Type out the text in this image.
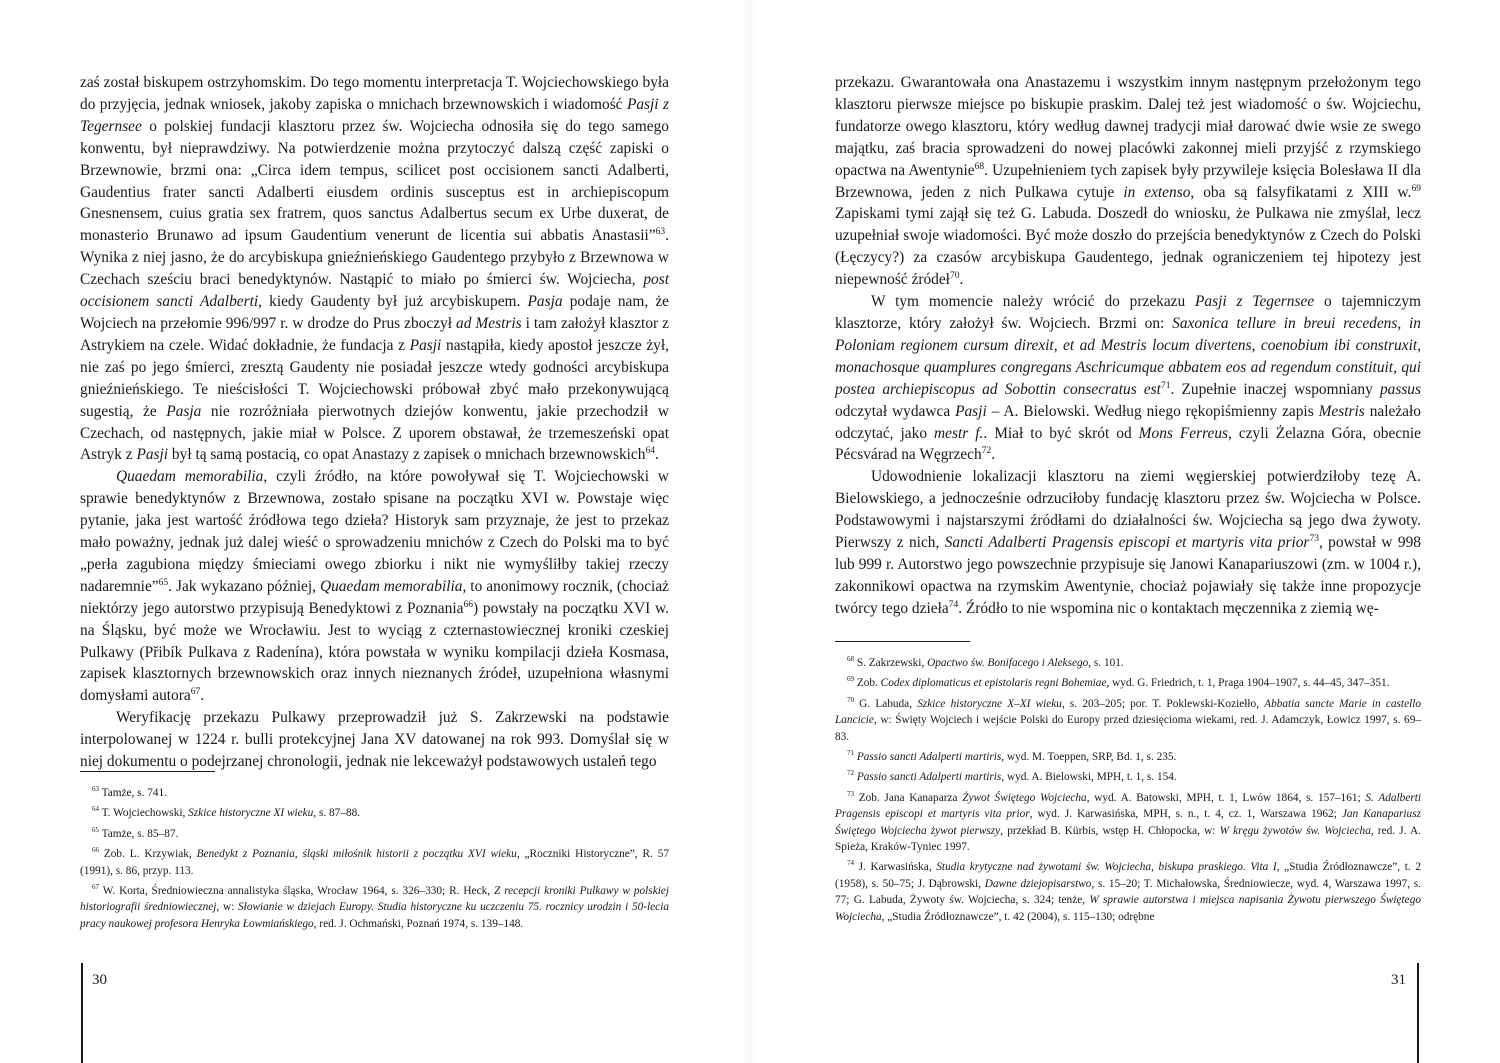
zaś został biskupem ostrzyhomskim. Do tego momentu interpretacja T. Wojciechowskiego była do przyjęcia, jednak wniosek, jakoby zapiska o mnichach brzewnowskich i wiadomość Pasji z Tegernsee o polskiej fundacji klasztoru przez św. Wojciecha odnosiła się do tego samego konwentu, był nieprawdziwy. Na potwierdzenie można przytoczyć dalszą część zapiski o Brzewnowie, brzmi ona: „Circa idem tempus, scilicet post occisionem sancti Adalberti, Gaudentius frater sancti Adalberti eiusdem ordinis susceptus est in archiepiscopum Gnesnensem, cuius gratia sex fratrem, quos sanctus Adalbertus secum ex Urbe duxerat, de monasterio Brunawo ad ipsum Gaudentium venerunt de licentia sui abbatis Anastasii”$^{63}$. Wynika z niej jasno, że do arcybiskupa gnieźnieńskiego Gaudentego przybyło z Brzewnowa w Czechach sześciu braci benedyktynów. Nastąpić to miało po śmierci św. Wojciecha, post occisionem sancti Adalberti, kiedy Gaudenty był już arcybiskupem. Pasja podaje nam, że Wojciech na przełomie 996/997 r. w drodze do Prus zboczył ad Mestris i tam założył klasztor z Astrykiem na czele. Widać dokładnie, że fundacja z Pasji nastąpiła, kiedy apostoł jeszcze żył, nie zaś po jego śmierci, zresztą Gaudenty nie posiadał jeszcze wtedy godności arcybiskupa gnieźnieńskiego. Te nieścisłości T. Wojciechowski próbował zbyć mało przekonywującą sugestią, że Pasja nie rozróżniała pierwotnych dziejów konwentu, jakie przechodził w Czechach, od następnych, jakie miał w Polsce. Z uporem obstawał, że trzemeszeński opat Astryk z Pasji był tą samą postacią, co opat Anastazy z zapisek o mnichach brzewnowskich$^{64}$.

Quaedam memorabilia, czyli źródło, na które powoływał się T. Wojciechowski w sprawie benedyktynów z Brzewnowa, zostało spisane na początku XVI w. Powstaje więc pytanie, jaka jest wartość źródłowa tego dzieła? Historyk sam przyznaje, że jest to przekaz mało poważny, jednak już dalej wieść o sprowadzeniu mnichów z Czech do Polski ma to być „perła zagubiona między śmieciami owego zbiorku i nikt nie wymyśliłby takiej rzeczy nadaremnie”$^{65}$. Jak wykazano później, Quaedam memorabilia, to anonimowy rocznik, (chociaż niektórzy jego autorstwo przypisują Benedyktowi z Poznania$^{66}$) powstały na początku XVI w. na Śląsku, być może we Wrocławiu. Jest to wyciąg z czternastowiecznej kroniki czeskiej Pulkawy (Přibík Pulkava z Radenína), która powstała w wyniku kompilacji dzieła Kosmasa, zapisek klasztornych brzewnowskich oraz innych nieznanych źródeł, uzupełniona własnymi domysłami autora$^{67}$.

Weryfikację przekazu Pulkawy przeprowadził już S. Zakrzewski na podstawie interpolowanej w 1224 r. bulli protekcyjnej Jana XV datowanej na rok 993. Domyślał się w niej dokumentu o podejrzanej chronologii, jednak nie lekceważył podstawowych ustaleń tego

$^{63}$ Tamże, s. 741.

$^{64}$ T. Wojciechowski, Szkice historyczne XI wieku, s. 87–88.

$^{65}$ Tamże, s. 85–87.

$^{66}$ Zob. L. Krzywiak, Benedykt z Poznania, śląski miłośnik historii z początku XVI wieku, „Roczniki Historyczne”, R. 57 (1991), s. 86, przyp. 113.

$^{67}$ W. Korta, Średniowieczna annalistyka śląska, Wrocław 1964, s. 326–330; R. Heck, Z recepcji kroniki Pulkawy w polskiej historiografii średniowiecznej, w: Słowianie w dziejach Europy. Studia historyczne ku uczczeniu 75. rocznicy urodzin i 50-lecia pracy naukowej profesora Henryka Łowmiańskiego, red. J. Ochmański, Poznań 1974, s. 139–148.

30

przekazu. Gwarantowała ona Anastazemu i wszystkim innym następnym przełożonym tego klasztoru pierwsze miejsce po biskupie praskim. Dalej też jest wiadomość o św. Wojciechu, fundatorze owego klasztoru, który według dawnej tradycji miał darować dwie wsie ze swego majątku, zaś bracia sprowadzeni do nowej placówki zakonnej mieli przyjść z rzymskiego opactwa na Awentynie$^{68}$. Uzupełnieniem tych zapisek były przywileje księcia Bolesława II dla Brzewnowa, jeden z nich Pulkawa cytuje in extenso, oba są falsyfikatami z XIII w.$^{69}$ Zapiskami tymi zajął się też G. Labuda. Doszedł do wniosku, że Pulkawa nie zmyślał, lecz uzupełniał swoje wiadomości. Być może doszło do przejścia benedyktynów z Czech do Polski (Łęczycy?) za czasów arcybiskupa Gaudentego, jednak ograniczeniem tej hipotezy jest niepewność źródeł$^{70}$.

W tym momencie należy wrócić do przekazu Pasji z Tegernsee o tajemniczym klasztorze, który założył św. Wojciech. Brzmi on: Saxonica tellure in breui recedens, in Poloniam regionem cursum direxit, et ad Mestris locum divertens, coenobium ibi construxit, monachosque quamplures congregans Aschricumque abbatem eos ad regendum constituit, qui postea archiepiscopus ad Sobottin consecratus est$^{71}$. Zupełnie inaczej wspomniany passus odczytał wydawca Pasji – A. Bielowski. Według niego rękopiśmienny zapis Mestris należało odczytać, jako mestr f.. Miał to być skrót od Mons Ferreus, czyli Żelazna Góra, obecnie Pécsvárad na Węgrzech$^{72}$.

Udowodnienie lokalizacji klasztoru na ziemi węgierskiej potwierdziłoby tezę A. Bielowskiego, a jednocześnie odrzuciłoby fundację klasztoru przez św. Wojciecha w Polsce. Podstawowymi i najstarszymi źródłami do działalności św. Wojciecha są jego dwa żywoty. Pierwszy z nich, Sancti Adalberti Pragensis episcopi et martyris vita prior$^{73}$, powstał w 998 lub 999 r. Autorstwo jego powszechnie przypisuje się Janowi Kanapariuszowi (zm. w 1004 r.), zakonnikowi opactwa na rzymskim Awentynie, chociaż pojawiały się także inne propozycje twórcy tego dzieła$^{74}$. Źródło to nie wspomina nic o kontaktach męczennika z ziemią wę-

$^{68}$ S. Zakrzewski, Opactwo św. Bonifacego i Aleksego, s. 101.

$^{69}$ Zob. Codex diplomaticus et epistolaris regni Bohemiae, wyd. G. Friedrich, t. 1, Praga 1904–1907, s. 44–45, 347–351.

$^{70}$ G. Labuda, Szkice historyczne X–XI wieku, s. 203–205; por. T. Poklewski-Koziełło, Abbatia sancte Marie in castello Lancicie, w: Święty Wojciech i wejście Polski do Europy przed dziesięcioma wiekami, red. J. Adamczyk, Łowicz 1997, s. 69–83.

$^{71}$ Passio sancti Adalperti martiris, wyd. M. Toeppen, SRP, Bd. 1, s. 235.

$^{72}$ Passio sancti Adalperti martiris, wyd. A. Bielowski, MPH, t. 1, s. 154.

$^{73}$ Zob. Jana Kanaparza Żywot Świętego Wojciecha, wyd. A. Batowski, MPH, t. 1, Lwów 1864, s. 157–161; S. Adalberti Pragensis episcopi et martyris vita prior, wyd. J. Karwasińska, MPH, s. n., t. 4, cz. 1, Warszawa 1962; Jan Kanapariusz Świętego Wojciecha żywot pierwszy, przekład B. Kürbis, wstęp H. Chłopocka, w: W kręgu żywotów św. Wojciecha, red. J. A. Spieża, Kraków-Tyniec 1997.

$^{74}$ J. Karwasińska, Studia krytyczne nad żywotami św. Wojciecha, biskupa praskiego. Vita I, „Studia Źródłoznawcze”, t. 2 (1958), s. 50–75; J. Dąbrowski, Dawne dziejopisarstwo, s. 15–20; T. Michałowska, Średniowiecze, wyd. 4, Warszawa 1997, s. 77; G. Labuda, Żywoty św. Wojciecha, s. 324; tenże, W sprawie autorstwa i miejsca napisania Żywotu pierwszego Świętego Wojciecha, „Studia Źródłoznawcze”, t. 42 (2004), s. 115–130; odrębne

31
